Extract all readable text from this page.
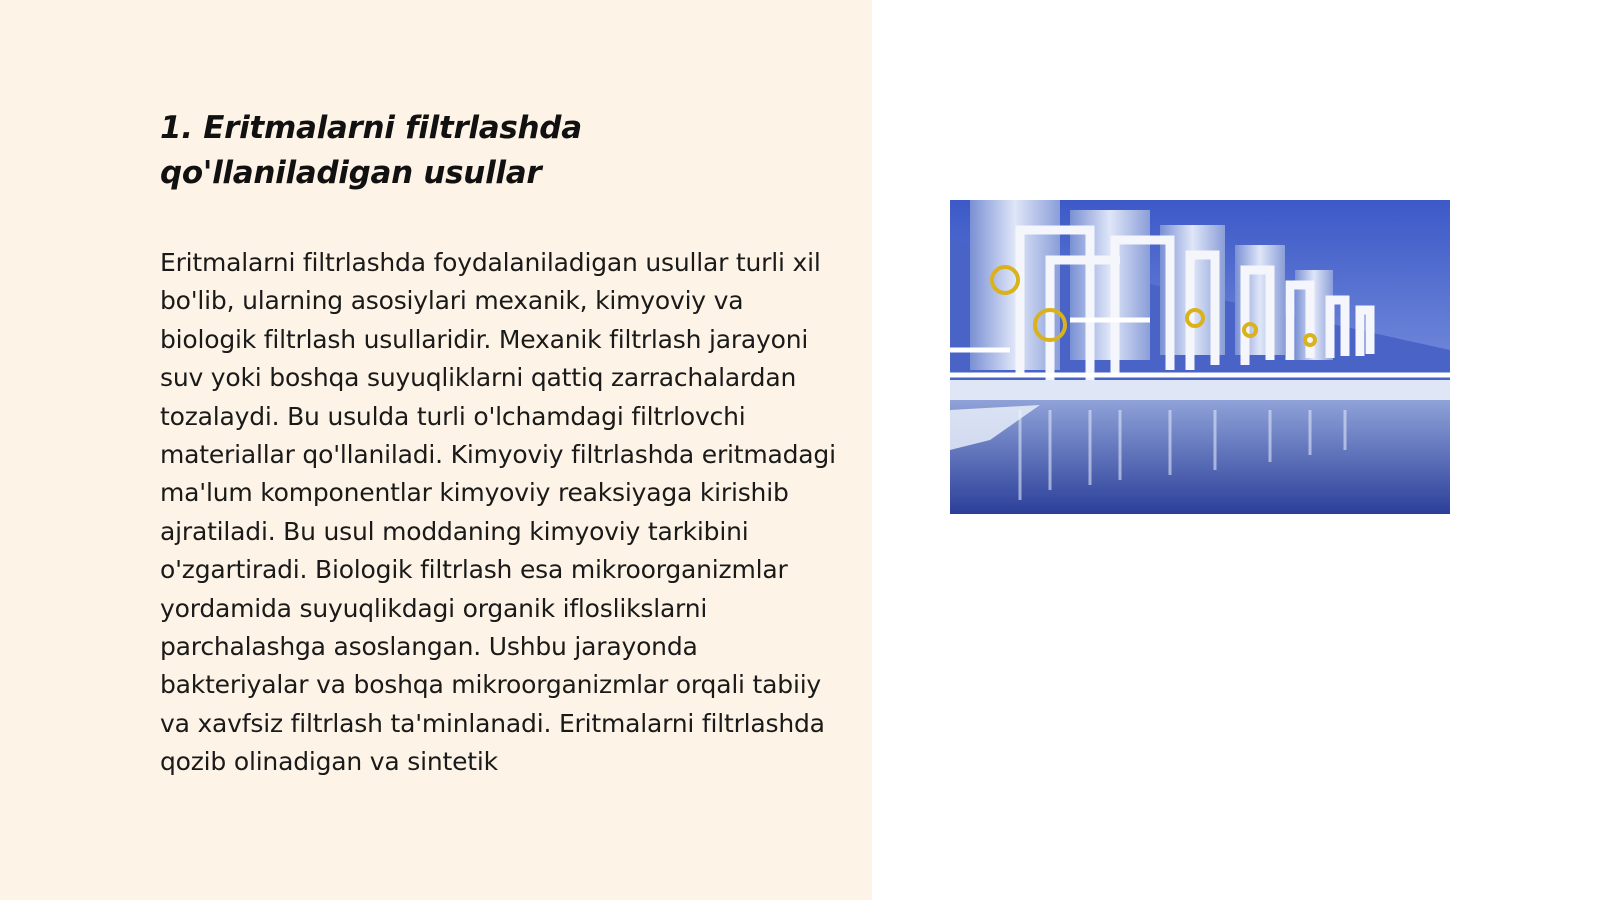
1. Eritmalarni filtrlashda
qo'llaniladigan usullar

Eritmalarni filtrlashda foydalaniladigan usullar turli xil bo'lib, ularning asosiylari mexanik, kimyoviy va biologik filtrlash usullaridir. Mexanik filtrlash jarayoni suv yoki boshqa suyuqliklarni qattiq zarrachalardan tozalaydi. Bu usulda turli o'lchamdagi filtrlovchi materiallar qo'llaniladi. Kimyoviy filtrlashda eritmadagi ma'lum komponentlar kimyoviy reaksiyaga kirishib ajratiladi. Bu usul moddaning kimyoviy tarkibini o'zgartiradi. Biologik filtrlash esa mikroorganizmlar yordamida suyuqlikdagi organik ifloslikslarni parchalashga asoslangan. Ushbu jarayonda bakteriyalar va boshqa mikroorganizmlar orqali tabiiy va xavfsiz filtrlash ta'minlanadi. Eritmalarni filtrlashda qozib olinadigan va sintetik
